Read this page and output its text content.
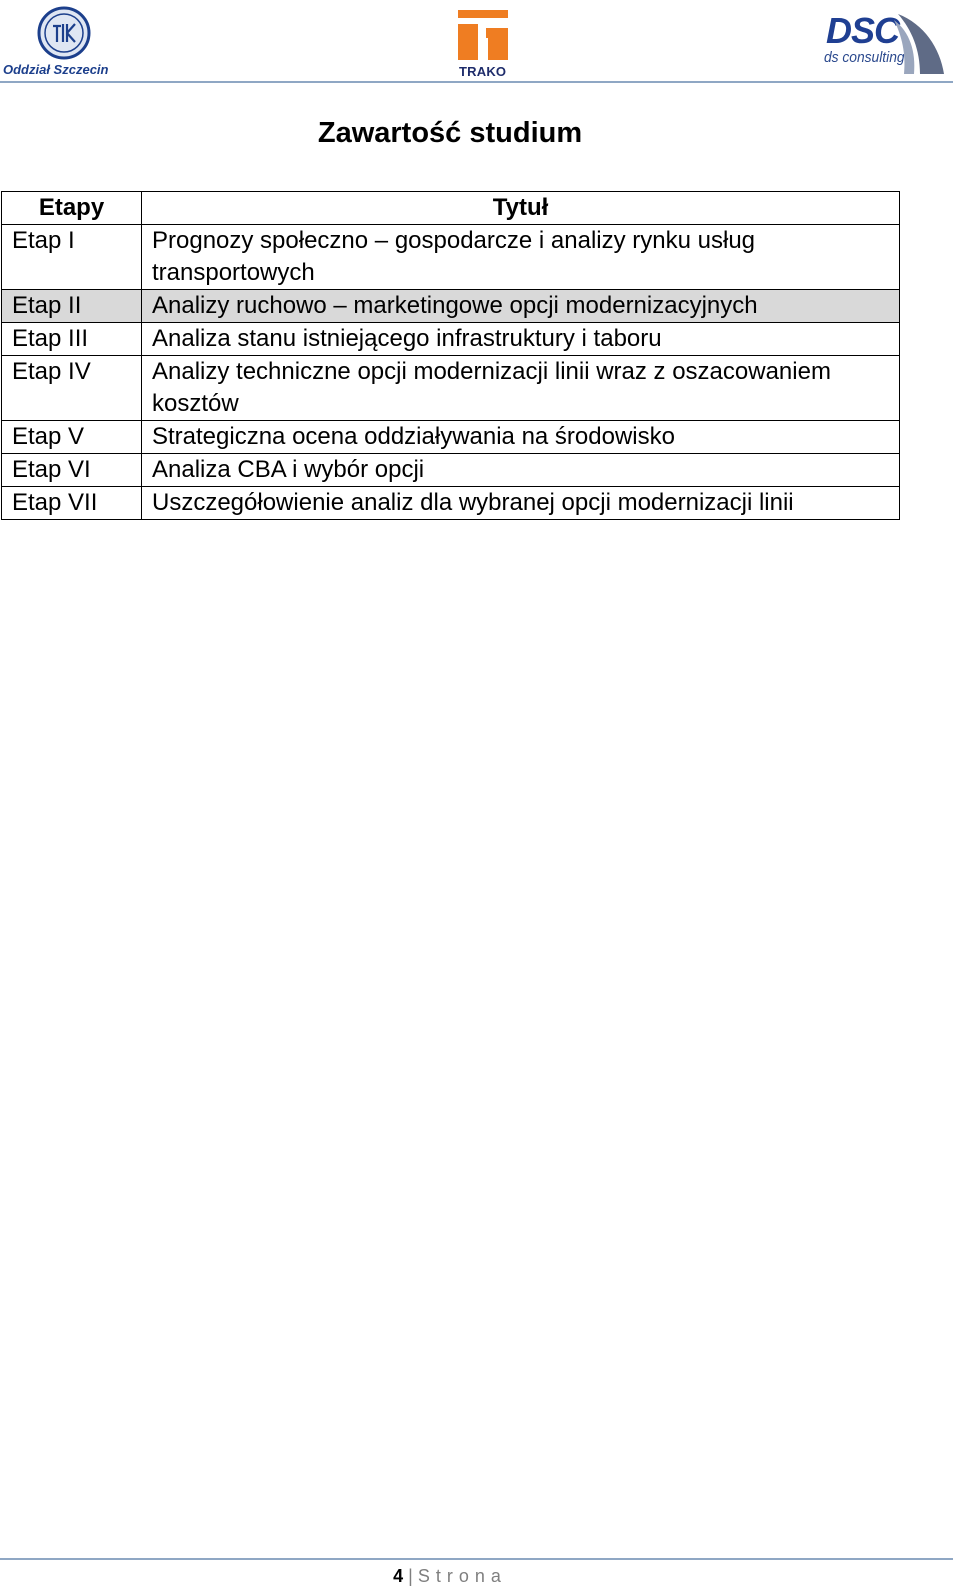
Oddział Szczecin	TRAKO
DSC
ds consulting
Zawartość studium
Etapy	Tytuł
Etap I	Prognozy społeczno – gospodarcze i analizy rynku usług transportowych
Etap II	Analizy ruchowo – marketingowe opcji modernizacyjnych
Etap III	Analiza stanu istniejącego infrastruktury i taboru
Etap IV	Analizy techniczne opcji modernizacji linii wraz z oszacowaniem kosztów
Etap V	Strategiczna ocena oddziaływania na środowisko
Etap VI	Analiza CBA i wybór opcji
Etap VII	Uszczegółowienie analiz dla wybranej opcji modernizacji linii
4 | Strona
